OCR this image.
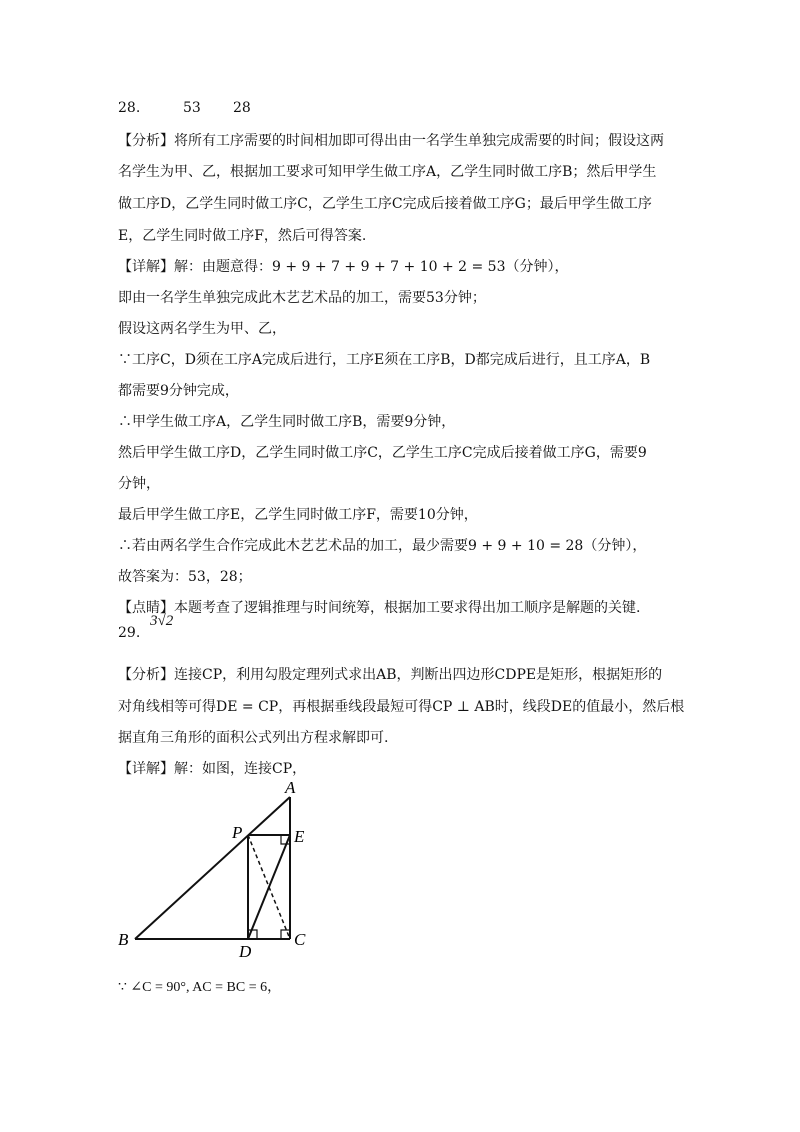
28.	53 28
【分析】将所有工序需要的时间相加即可得出由一名学生单独完成需要的时间；假设这两
名学生为甲、乙，根据加工要求可知甲学生做工序A，乙学生同时做工序B；然后甲学生
做工序D，乙学生同时做工序C，乙学生工序C完成后接着做工序G；最后甲学生做工序
E，乙学生同时做工序F，然后可得答案.
【详解】解：由题意得：9 + 9 + 7 + 9 + 7 + 10 + 2 = 53（分钟），
即由一名学生单独完成此木艺艺术品的加工，需要53分钟；
假设这两名学生为甲、乙，
∵工序C，D须在工序A完成后进行，工序E须在工序B，D都完成后进行，且工序A，B
都需要9分钟完成，
∴甲学生做工序A，乙学生同时做工序B，需要9分钟，
然后甲学生做工序D，乙学生同时做工序C，乙学生工序C完成后接着做工序G，需要9
分钟，
最后甲学生做工序E，乙学生同时做工序F，需要10分钟，
∴若由两名学生合作完成此木艺艺术品的加工，最少需要9 + 9 + 10 = 28（分钟），
故答案为：53，28；
【点睛】本题考查了逻辑推理与时间统筹，根据加工要求得出加工顺序是解题的关键.
29.
3√2
【分析】连接CP，利用勾股定理列式求出AB，判断出四边形CDPE是矩形，根据矩形的
对角线相等可得DE = CP，再根据垂线段最短可得CP ⊥ AB时，线段DE的值最小，然后根
据直角三角形的面积公式列出方程求解即可.
【详解】解：如图，连接CP，
A
P	E
B
D
C
∵ ∠C = 90°, AC = BC = 6，
